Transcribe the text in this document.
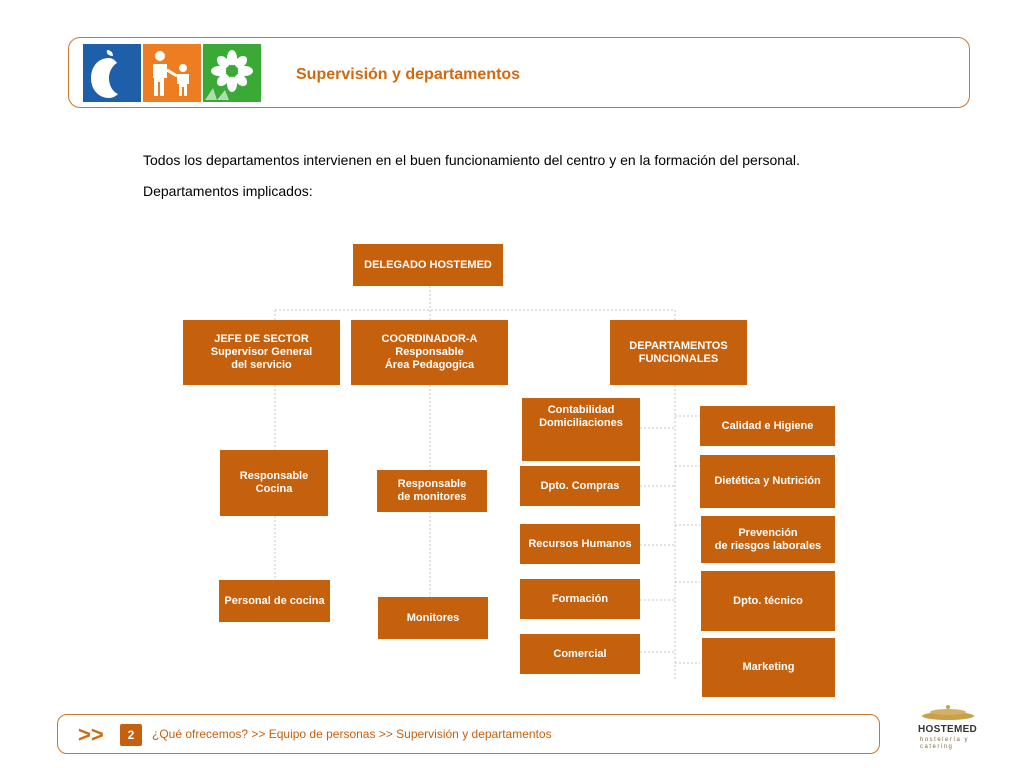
Supervisión y departamentos
Todos los departamentos intervienen en el buen funcionamiento del centro y en la formación del personal.
Departamentos implicados:
DELEGADO HOSTEMED
JEFE DE SECTOR
Supervisor General
del servicio
COORDINADOR-A
Responsable
Área Pedagogica
DEPARTAMENTOS
FUNCIONALES
Responsable
Cocina
Personal de cocina
Responsable
de monitores
Monitores
Contabilidad
Domiciliaciones
Dpto. Compras
Recursos Humanos
Formación
Comercial
Calidad e Higiene
Dietética y Nutrición
Prevención
de riesgos laborales
Dpto. técnico
Marketing
>>	2	¿Qué ofrecemos? >> Equipo de personas >> Supervisión y departamentos	HOSTEMED
hostelería y catering
